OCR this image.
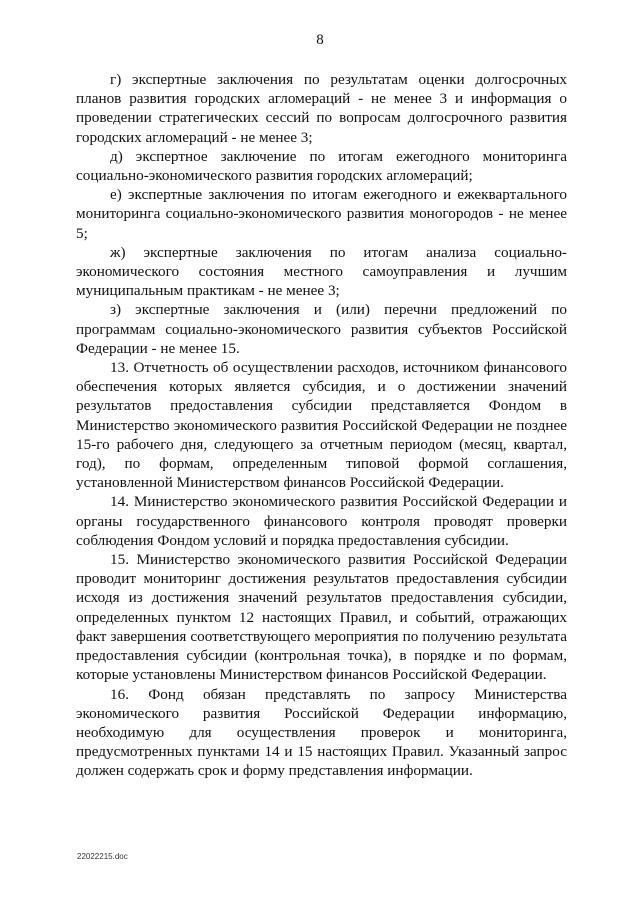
8

г) экспертные заключения по результатам оценки долгосрочных планов развития городских агломераций - не менее 3 и информация о проведении стратегических сессий по вопросам долгосрочного развития городских агломераций - не менее 3;

д) экспертное заключение по итогам ежегодного мониторинга социально-экономического развития городских агломераций;

е) экспертные заключения по итогам ежегодного и ежеквартального мониторинга социально-экономического развития моногородов - не менее 5;

ж) экспертные заключения по итогам анализа социально-экономического состояния местного самоуправления и лучшим муниципальным практикам - не менее 3;

з) экспертные заключения и (или) перечни предложений по программам социально-экономического развития субъектов Российской Федерации - не менее 15.

13. Отчетность об осуществлении расходов, источником финансового обеспечения которых является субсидия, и о достижении значений результатов предоставления субсидии представляется Фондом в Министерство экономического развития Российской Федерации не позднее 15-го рабочего дня, следующего за отчетным периодом (месяц, квартал, год), по формам, определенным типовой формой соглашения, установленной Министерством финансов Российской Федерации.

14. Министерство экономического развития Российской Федерации и органы государственного финансового контроля проводят проверки соблюдения Фондом условий и порядка предоставления субсидии.

15. Министерство экономического развития Российской Федерации проводит мониторинг достижения результатов предоставления субсидии исходя из достижения значений результатов предоставления субсидии, определенных пунктом 12 настоящих Правил, и событий, отражающих факт завершения соответствующего мероприятия по получению результата предоставления субсидии (контрольная точка), в порядке и по формам, которые установлены Министерством финансов Российской Федерации.

16. Фонд обязан представлять по запросу Министерства экономического развития Российской Федерации информацию, необходимую для осуществления проверок и мониторинга, предусмотренных пунктами 14 и 15 настоящих Правил. Указанный запрос должен содержать срок и форму представления информации.

22022215.doc
